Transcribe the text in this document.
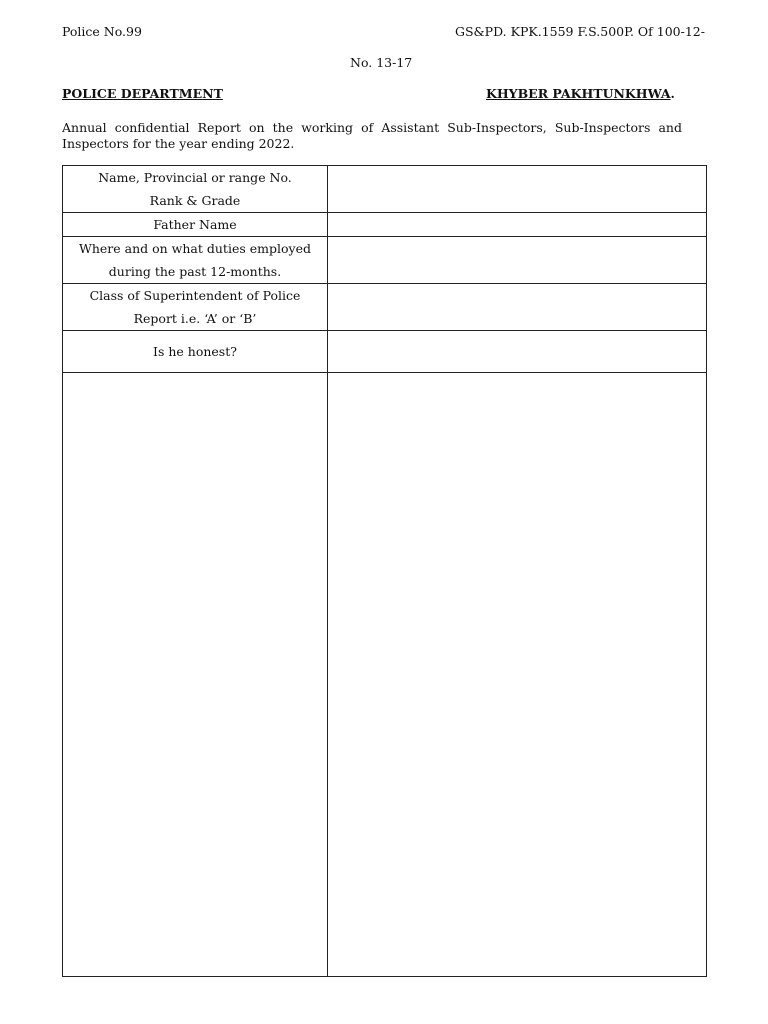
Police No.99	GS&PD. KPK.1559 F.S.500P. Of 100-12-
No. 13-17
POLICE DEPARTMENT	KHYBER PAKHTUNKHWA.
Annual confidential Report on the working of Assistant Sub-Inspectors, Sub-Inspectors and Inspectors for the year ending 2022.
Name, Provincial or range No.
Rank & Grade	

Father Name	

Where and on what duties employed
during the past 12-months.	

Class of Superintendent of Police
Report i.e. ‘A’ or ‘B’	

Is he honest?	
